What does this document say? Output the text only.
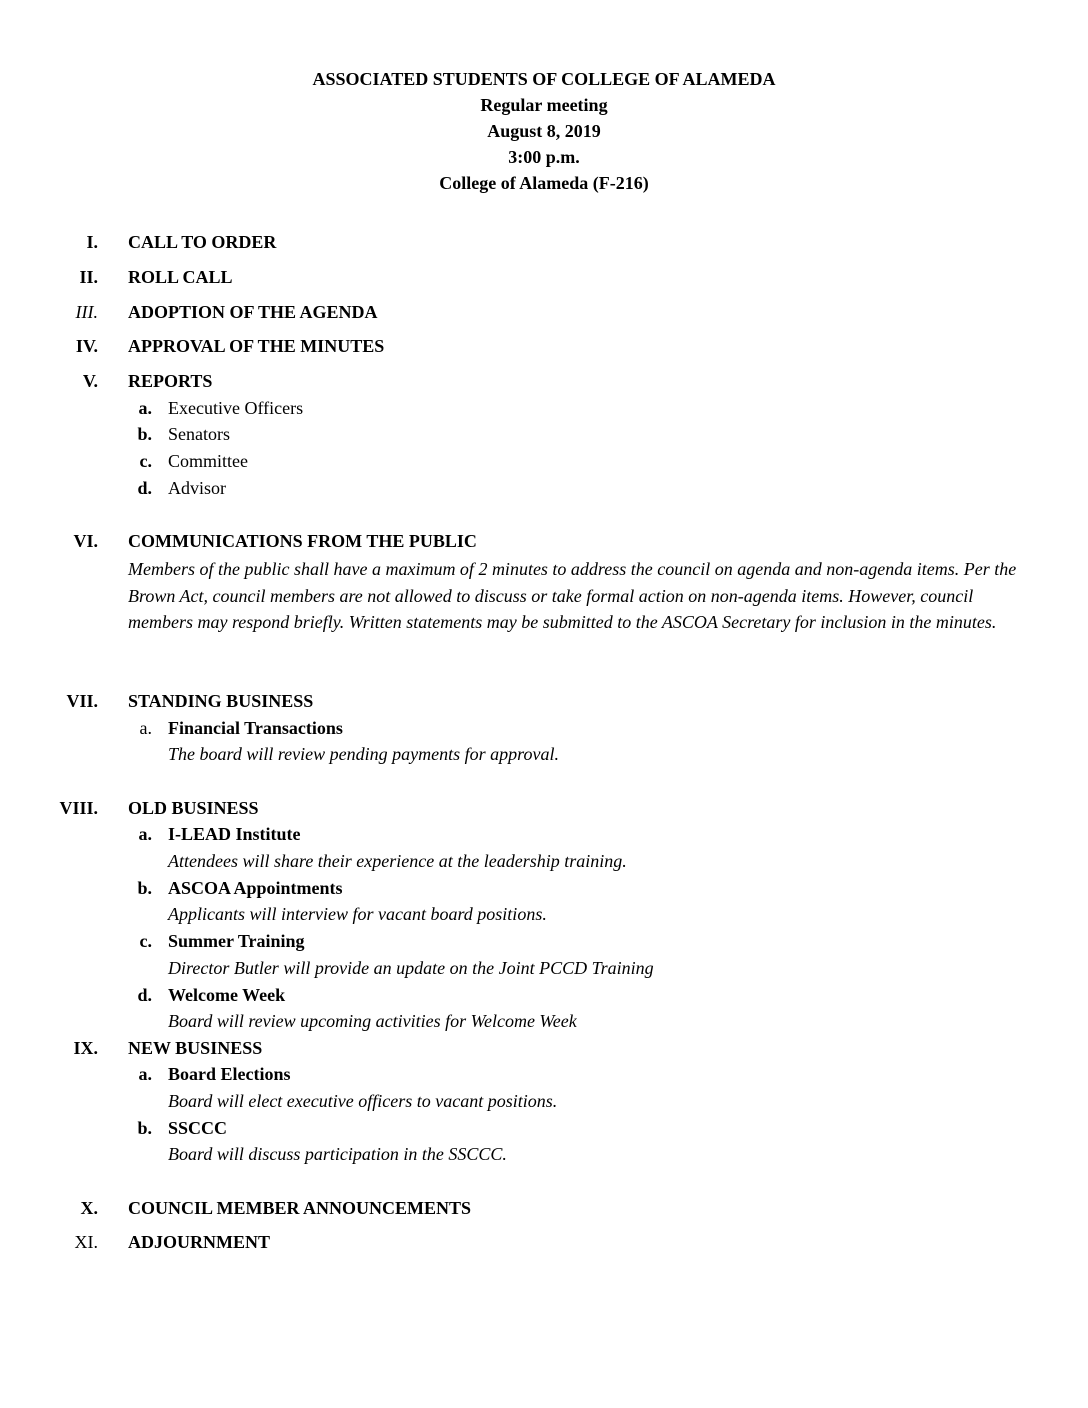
ASSOCIATED STUDENTS OF COLLEGE OF ALAMEDA
Regular meeting
August 8, 2019
3:00 p.m.
College of Alameda (F-216)
I. CALL TO ORDER
II. ROLL CALL
III. ADOPTION OF THE AGENDA
IV. APPROVAL OF THE MINUTES
V. REPORTS
a. Executive Officers
b. Senators
c. Committee
d. Advisor
VI. COMMUNICATIONS FROM THE PUBLIC
Members of the public shall have a maximum of 2 minutes to address the council on agenda and non-agenda items. Per the Brown Act, council members are not allowed to discuss or take formal action on non-agenda items. However, council members may respond briefly. Written statements may be submitted to the ASCOA Secretary for inclusion in the minutes.
VII. STANDING BUSINESS
a. Financial Transactions
The board will review pending payments for approval.
VIII. OLD BUSINESS
a. I-LEAD Institute
Attendees will share their experience at the leadership training.
b. ASCOA Appointments
Applicants will interview for vacant board positions.
c. Summer Training
Director Butler will provide an update on the Joint PCCD Training
d. Welcome Week
Board will review upcoming activities for Welcome Week
IX. NEW BUSINESS
a. Board Elections
Board will elect executive officers to vacant positions.
b. SSCCC
Board will discuss participation in the SSCCC.
X. COUNCIL MEMBER ANNOUNCEMENTS
XI. ADJOURNMENT
